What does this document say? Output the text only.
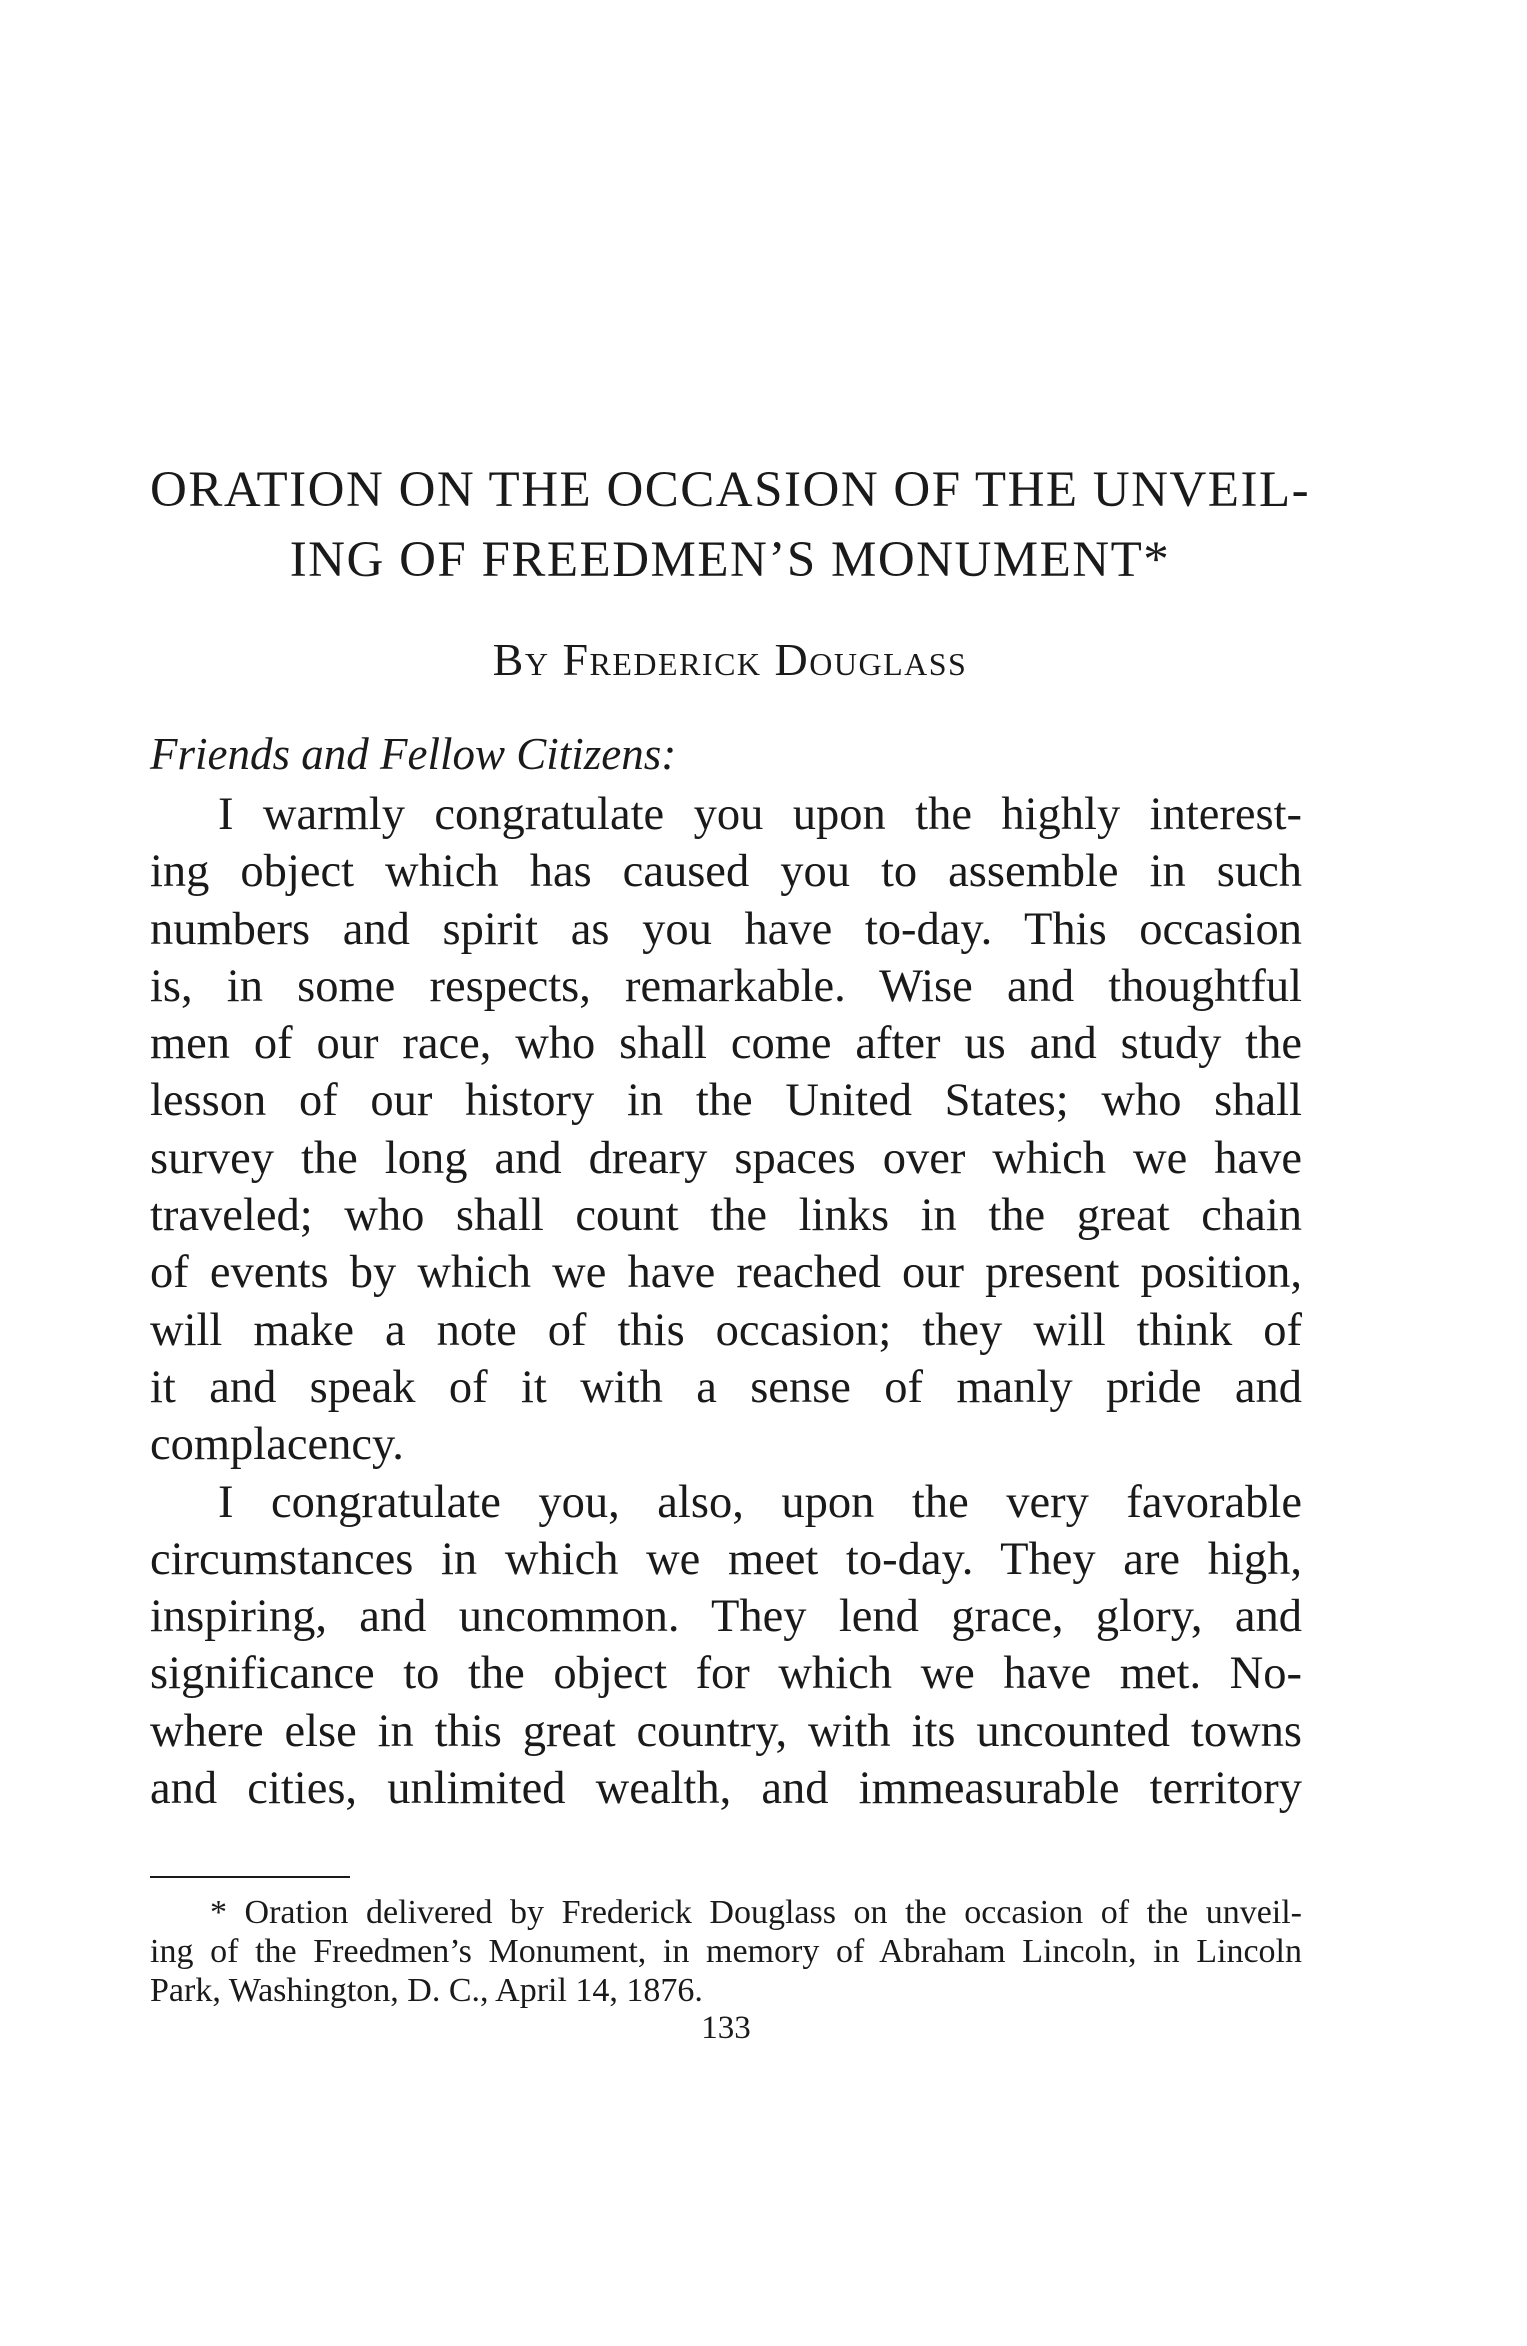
ORATION ON THE OCCASION OF THE UNVEIL-
ING OF FREEDMEN’S MONUMENT*
By Frederick Douglass
Friends and Fellow Citizens:
I warmly congratulate you upon the highly interest-
ing object which has caused you to assemble in such
numbers and spirit as you have to-day. This occasion
is, in some respects, remarkable. Wise and thoughtful
men of our race, who shall come after us and study the
lesson of our history in the United States; who shall
survey the long and dreary spaces over which we have
traveled; who shall count the links in the great chain
of events by which we have reached our present position,
will make a note of this occasion; they will think of
it and speak of it with a sense of manly pride and
complacency.
I congratulate you, also, upon the very favorable
circumstances in which we meet to-day. They are high,
inspiring, and uncommon. They lend grace, glory, and
significance to the object for which we have met. No-
where else in this great country, with its uncounted towns
and cities, unlimited wealth, and immeasurable territory
* Oration delivered by Frederick Douglass on the occasion of the unveil-
ing of the Freedmen’s Monument, in memory of Abraham Lincoln, in Lincoln
Park, Washington, D. C., April 14, 1876.
133
